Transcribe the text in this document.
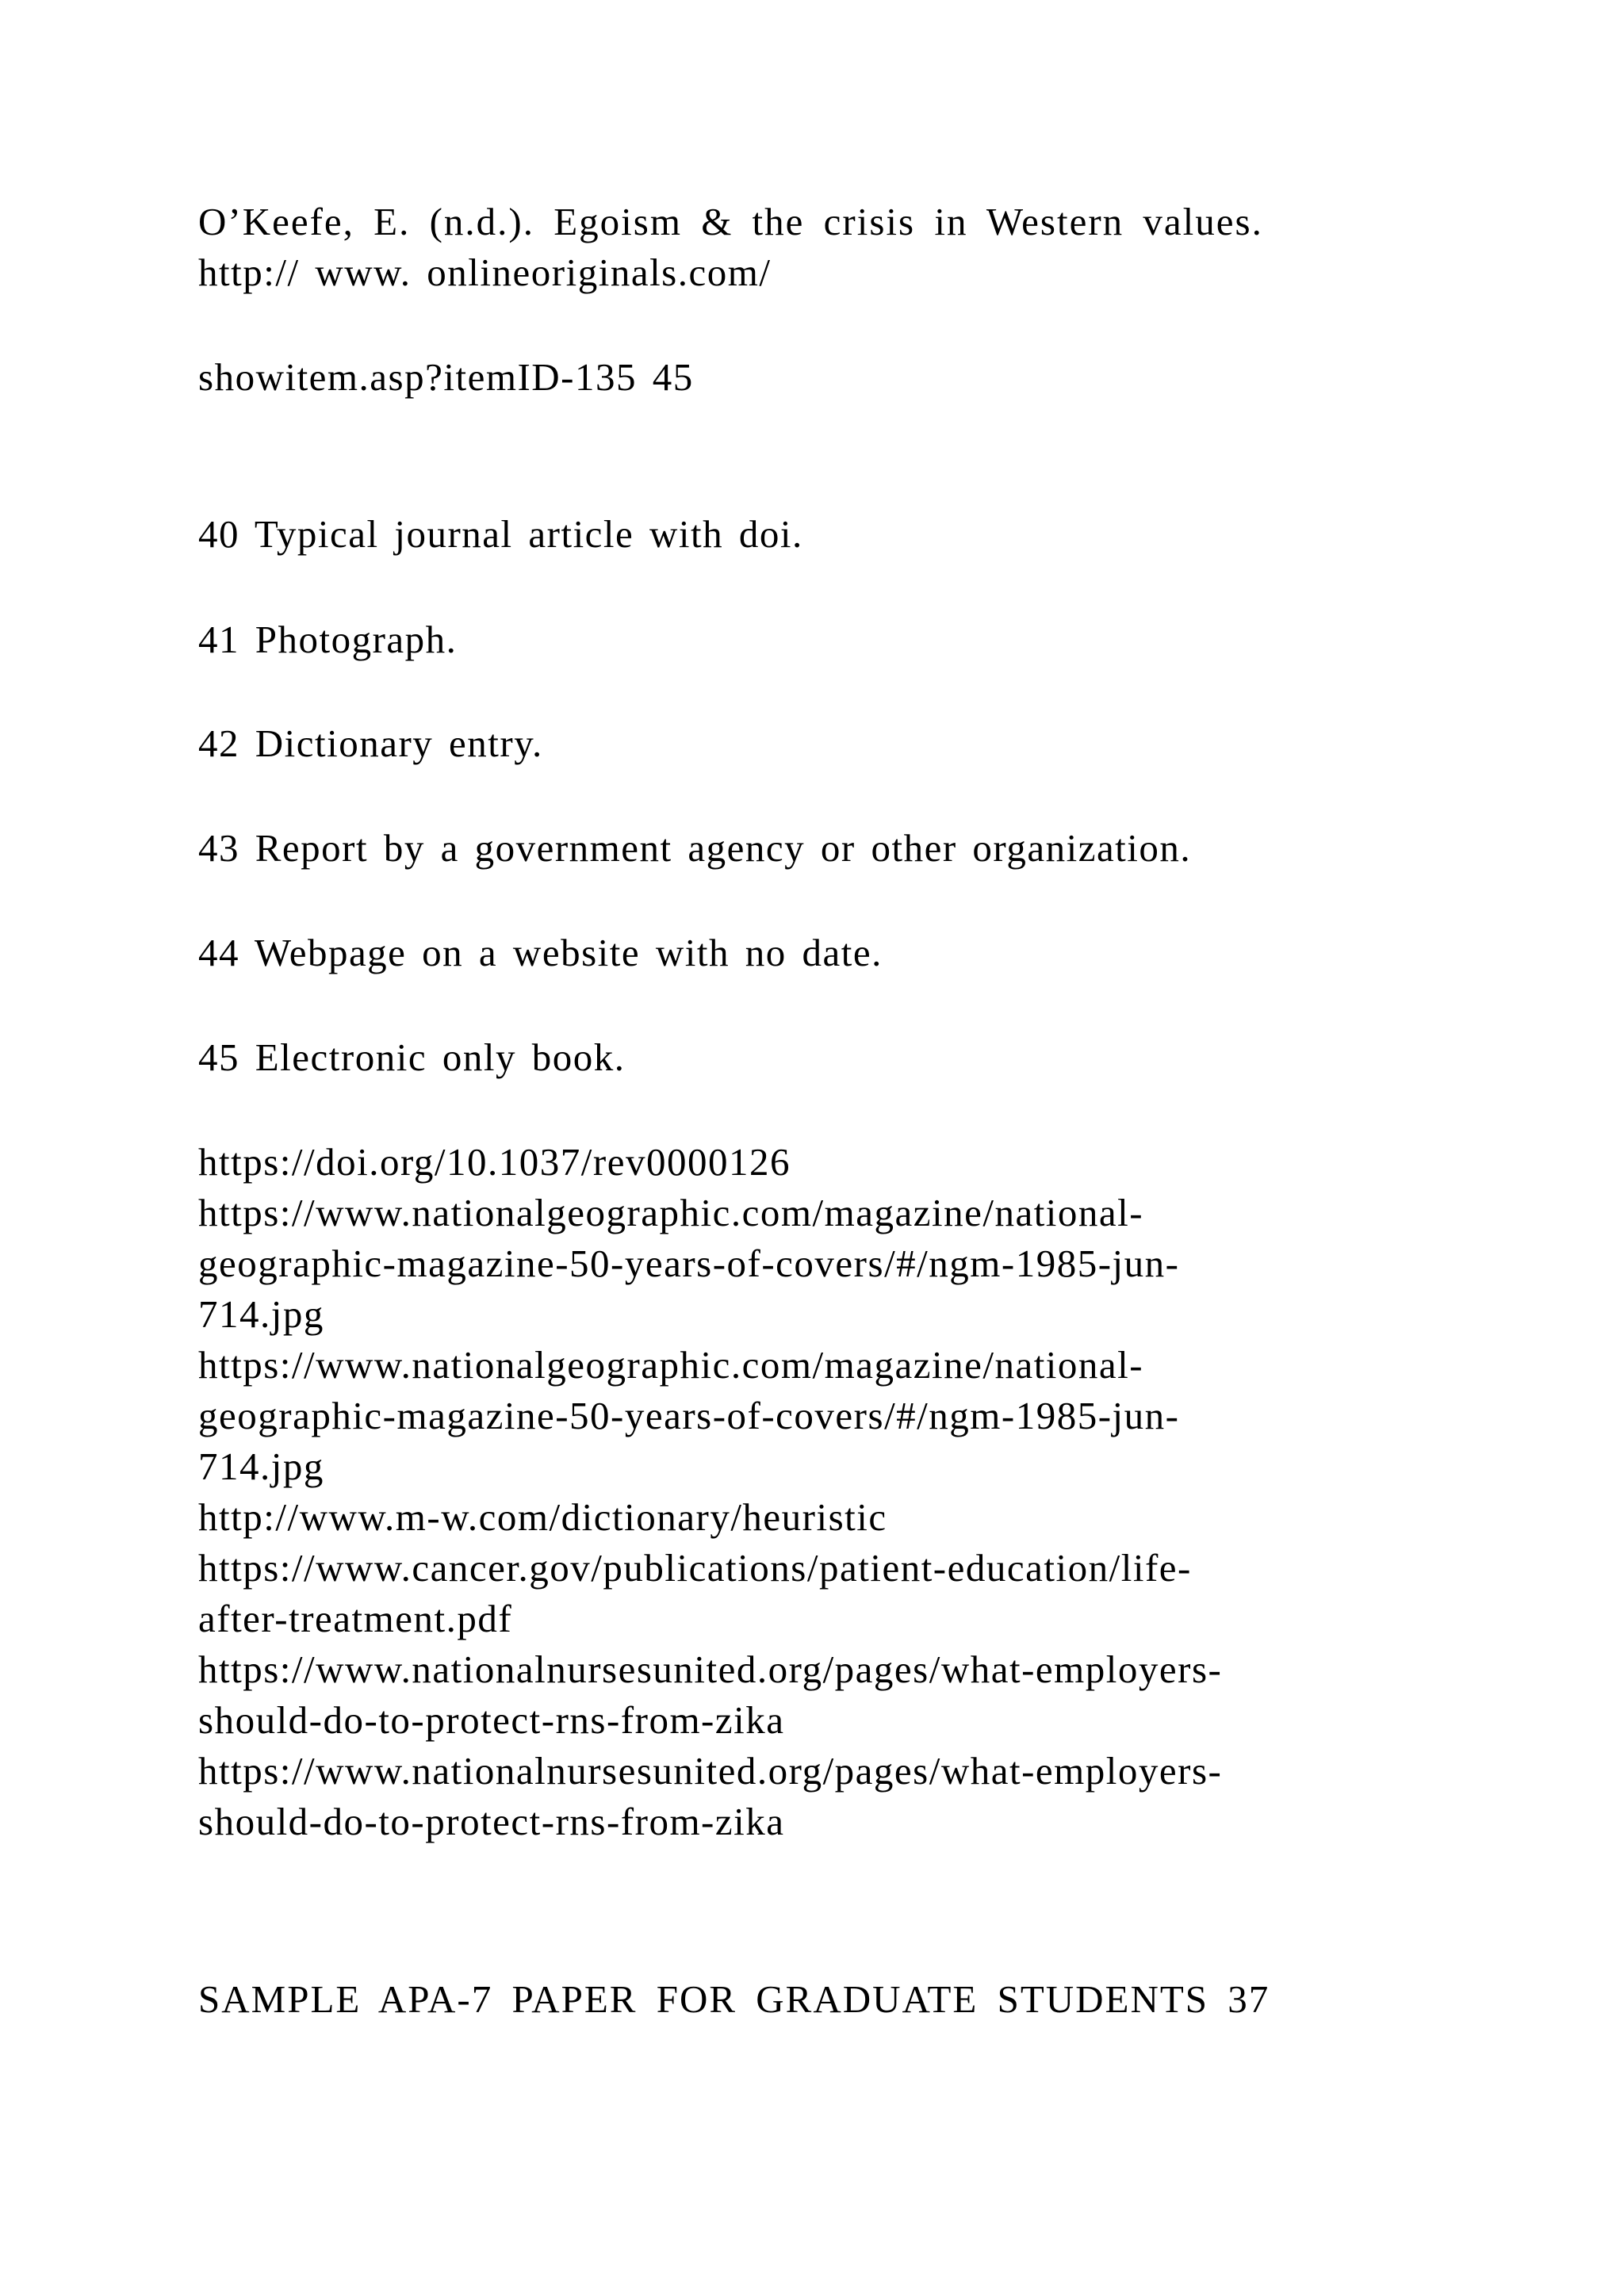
O’Keefe, E. (n.d.). Egoism & the crisis in Western values.
http:// www. onlineoriginals.com/
showitem.asp?itemID-135 45
40 Typical journal article with doi.
41 Photograph.
42 Dictionary entry.
43 Report by a government agency or other organization.
44 Webpage on a website with no date.
45 Electronic only book.
https://doi.org/10.1037/rev0000126
https://www.nationalgeographic.com/magazine/national-
geographic-magazine-50-years-of-covers/#/ngm-1985-jun-
714.jpg
https://www.nationalgeographic.com/magazine/national-
geographic-magazine-50-years-of-covers/#/ngm-1985-jun-
714.jpg
http://www.m-w.com/dictionary/heuristic
https://www.cancer.gov/publications/patient-education/life-
after-treatment.pdf
https://www.nationalnursesunited.org/pages/what-employers-
should-do-to-protect-rns-from-zika
https://www.nationalnursesunited.org/pages/what-employers-
should-do-to-protect-rns-from-zika
SAMPLE APA-7 PAPER FOR GRADUATE STUDENTS 37
